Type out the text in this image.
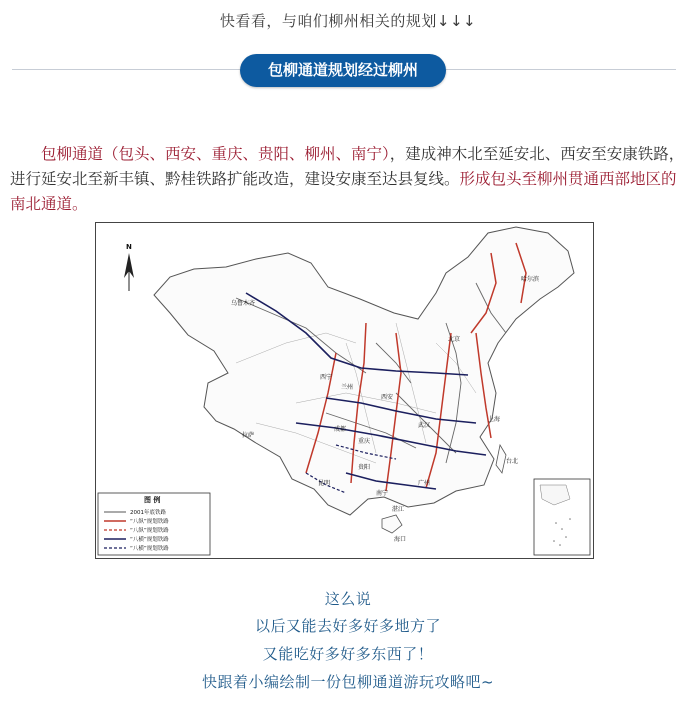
快看看，与咱们柳州相关的规划↓↓↓
包柳通道规划经过柳州
包柳通道（包头、西安、重庆、贵阳、柳州、南宁），建成神木北至延安北、西安至安康铁路，进行延安北至新丰镇、黔桂铁路扩能改造，建设安康至达县复线。形成包头至柳州贯通西部地区的南北通道。
N
乌鲁木齐
哈尔滨
北京
西宁
兰州
西安
成都
重庆
贵阳
昆明
南宁
广州
武汉
上海
拉萨
湛江
海口
台北
图 例
2001年底铁路
“八纵”规划铁路
“八纵”规划铁路
“八横”规划铁路
“八横”规划铁路
这么说
以后又能去好多好多地方了
又能吃好多好多东西了！
快跟着小编绘制一份包柳通道游玩攻略吧~
